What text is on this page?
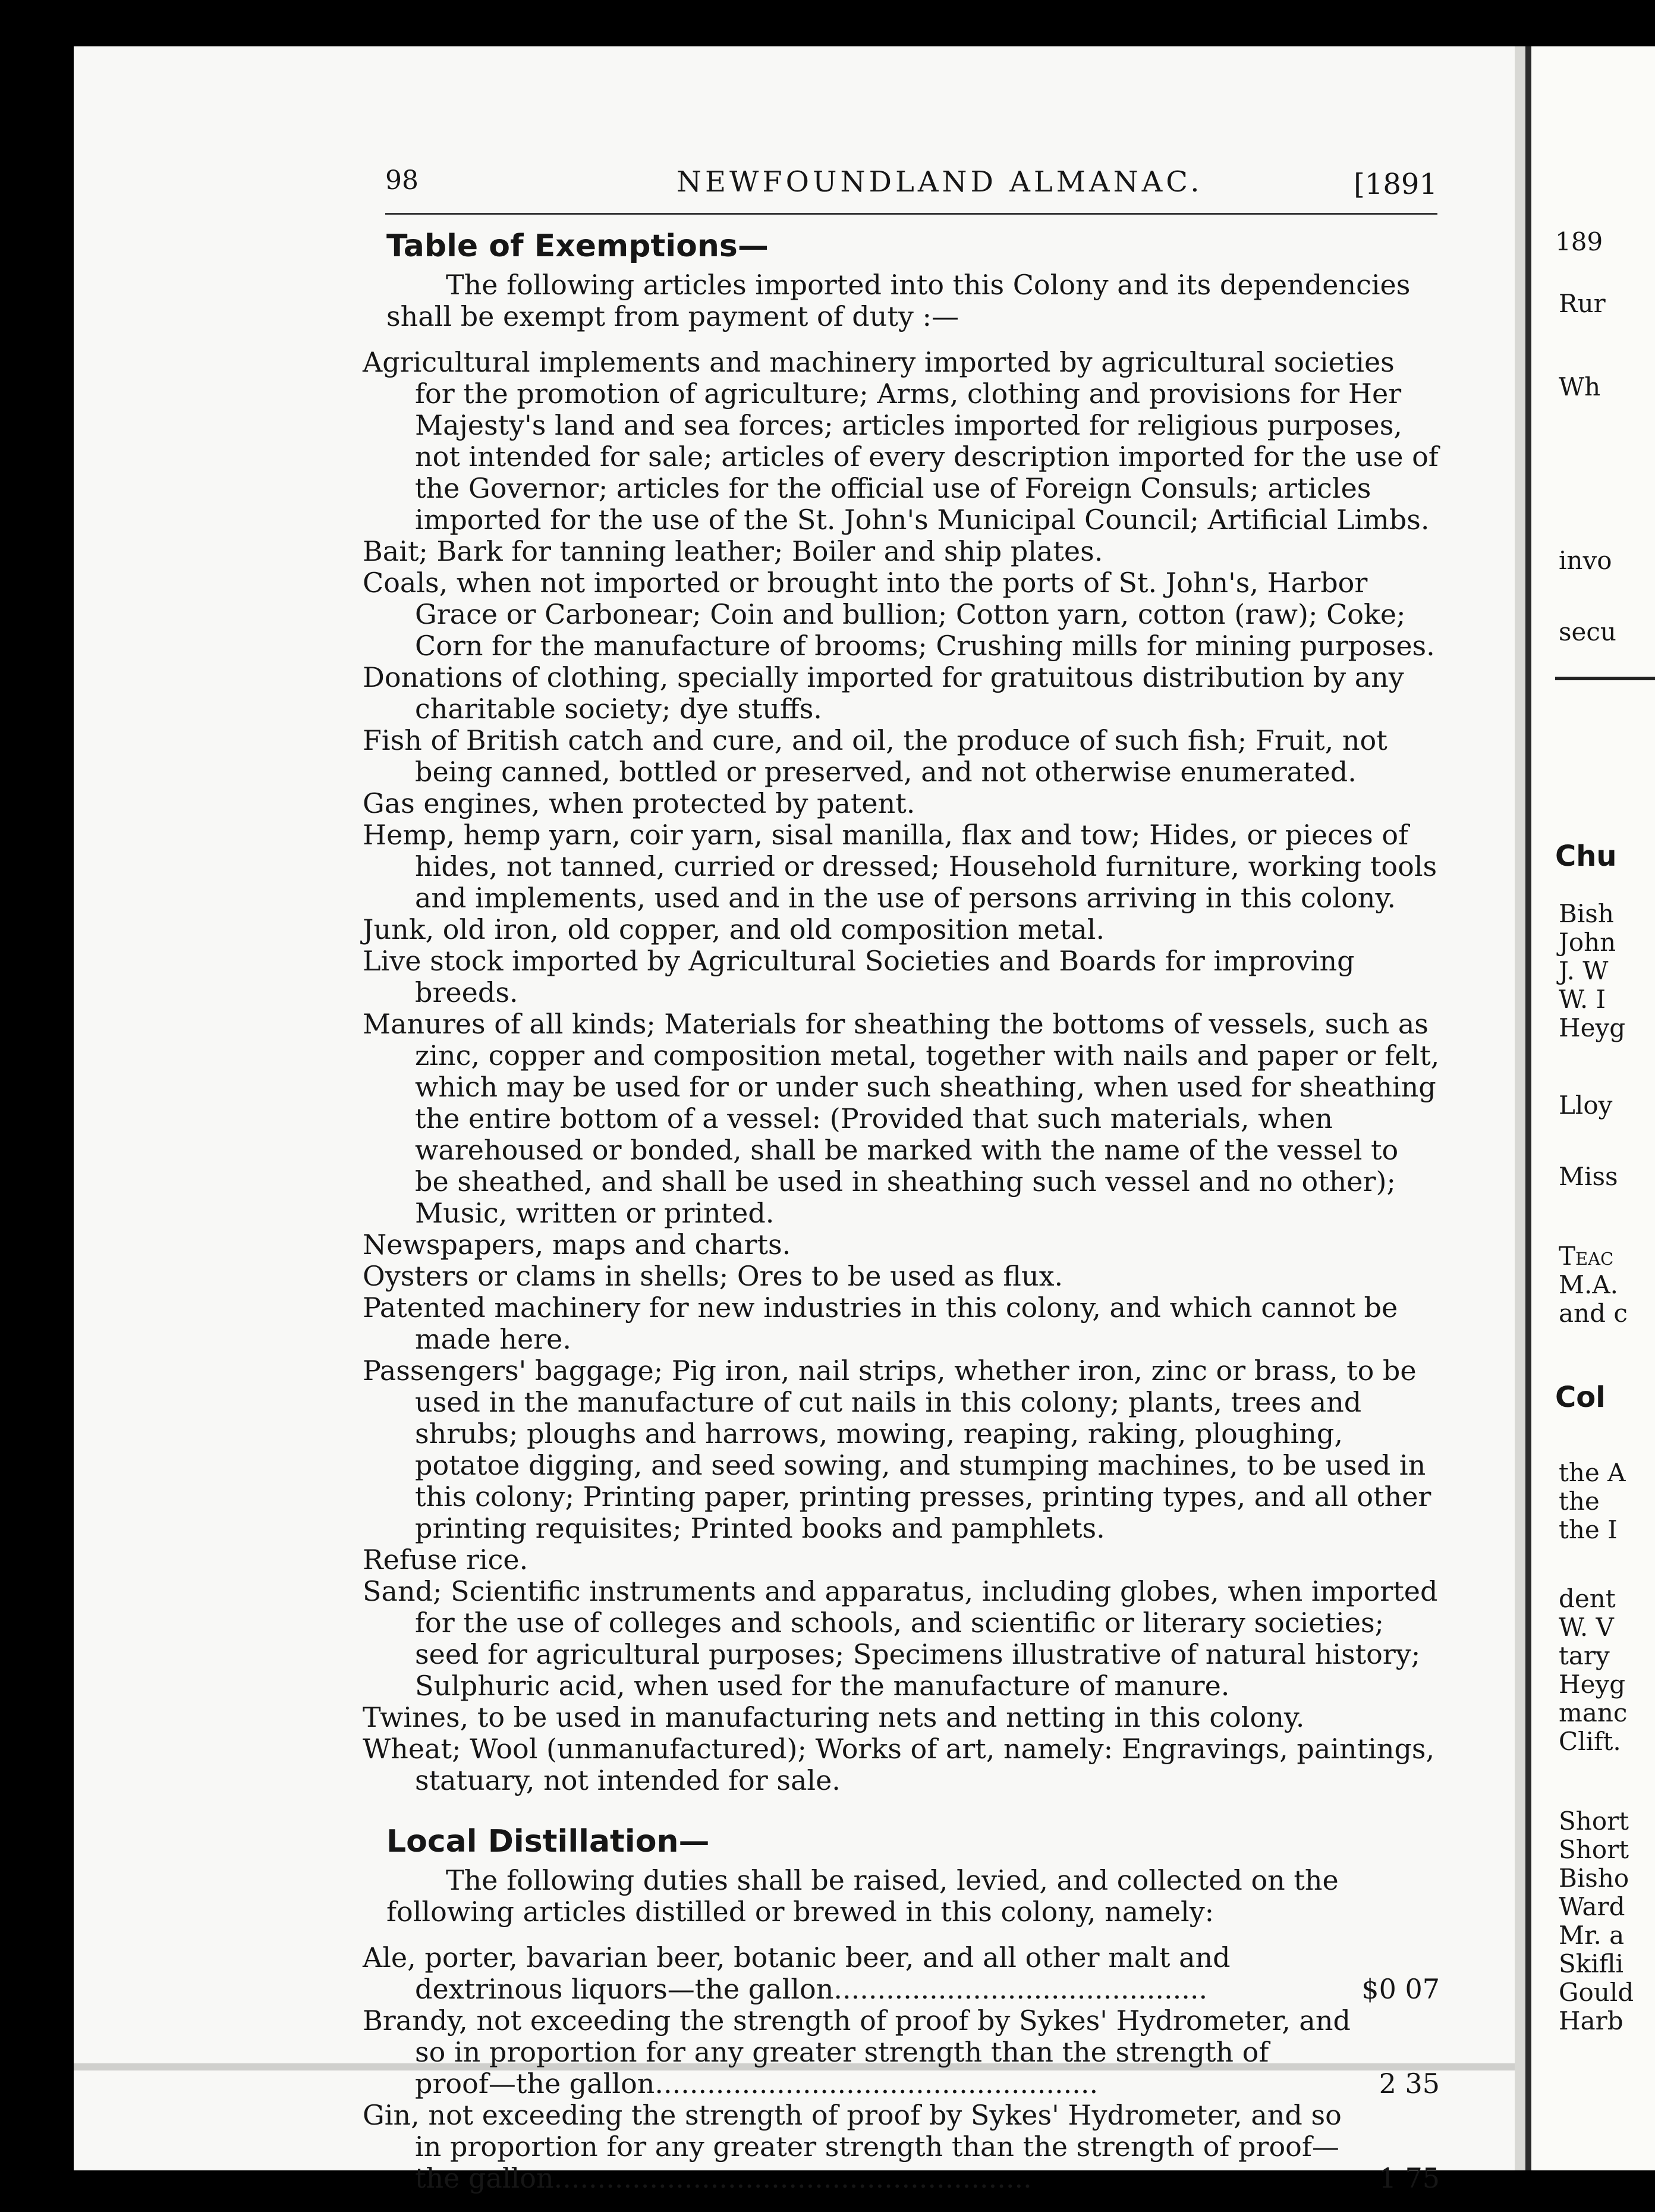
98	NEWFOUNDLAND ALMANAC.	[1891
Table of Exemptions—

The following articles imported into this Colony and its dependencies shall be exempt from payment of duty :—

Agricultural implements and machinery imported by agricultural societies for the promotion of agriculture; Arms, clothing and provisions for Her Majesty's land and sea forces; articles imported for religious purposes, not intended for sale; articles of every description imported for the use of the Governor; articles for the official use of Foreign Consuls; articles imported for the use of the St. John's Municipal Council; Artificial Limbs.

Bait; Bark for tanning leather; Boiler and ship plates.

Coals, when not imported or brought into the ports of St. John's, Harbor Grace or Carbonear; Coin and bullion; Cotton yarn, cotton (raw); Coke; Corn for the manufacture of brooms; Crushing mills for mining purposes.

Donations of clothing, specially imported for gratuitous distribution by any charitable society; dye stuffs.

Fish of British catch and cure, and oil, the produce of such fish; Fruit, not being canned, bottled or preserved, and not otherwise enumerated.

Gas engines, when protected by patent.

Hemp, hemp yarn, coir yarn, sisal manilla, flax and tow; Hides, or pieces of hides, not tanned, curried or dressed; Household furniture, working tools and implements, used and in the use of persons arriving in this colony.

Junk, old iron, old copper, and old composition metal.

Live stock imported by Agricultural Societies and Boards for improving breeds.

Manures of all kinds; Materials for sheathing the bottoms of vessels, such as zinc, copper and composition metal, together with nails and paper or felt, which may be used for or under such sheathing, when used for sheathing the entire bottom of a vessel: (Provided that such materials, when warehoused or bonded, shall be marked with the name of the vessel to be sheathed, and shall be used in sheathing such vessel and no other); Music, written or printed.

Newspapers, maps and charts.

Oysters or clams in shells; Ores to be used as flux.

Patented machinery for new industries in this colony, and which cannot be made here.

Passengers' baggage; Pig iron, nail strips, whether iron, zinc or brass, to be used in the manufacture of cut nails in this colony; plants, trees and shrubs; ploughs and harrows, mowing, reaping, raking, ploughing, potatoe digging, and seed sowing, and stumping machines, to be used in this colony; Printing paper, printing presses, printing types, and all other printing requisites; Printed books and pamphlets.

Refuse rice.

Sand; Scientific instruments and apparatus, including globes, when imported for the use of colleges and schools, and scientific or literary societies; seed for agricultural purposes; Specimens illustrative of natural history; Sulphuric acid, when used for the manufacture of manure.

Twines, to be used in manufacturing nets and netting in this colony.

Wheat; Wool (unmanufactured); Works of art, namely: Engravings, paintings, statuary, not intended for sale.

Local Distillation—

The following duties shall be raised, levied, and collected on the following articles distilled or brewed in this colony, namely:

Ale, porter, bavarian beer, botanic beer, and all other malt and dextrinous liquors—the gallon...........................................	$0 07
Brandy, not exceeding the strength of proof by Sykes' Hydrometer, and so in proportion for any greater strength than the strength of proof—the gallon...................................................	2 35
Gin, not exceeding the strength of proof by Sykes' Hydrometer, and so in proportion for any greater strength than the strength of proof—the gallon.......................................................	1 75
189
Rur
Wh
invo
secu
Chu
Bish
John
J. W
W. I
Heyg
Lloy
Miss
Teac
M.A.
and c
Col
the A
the
the I
dent
W. V
tary
Heyg
manc
Clift.
Short
Short
Bisho
Ward
Mr. a
Skifli
Gould
Harb
